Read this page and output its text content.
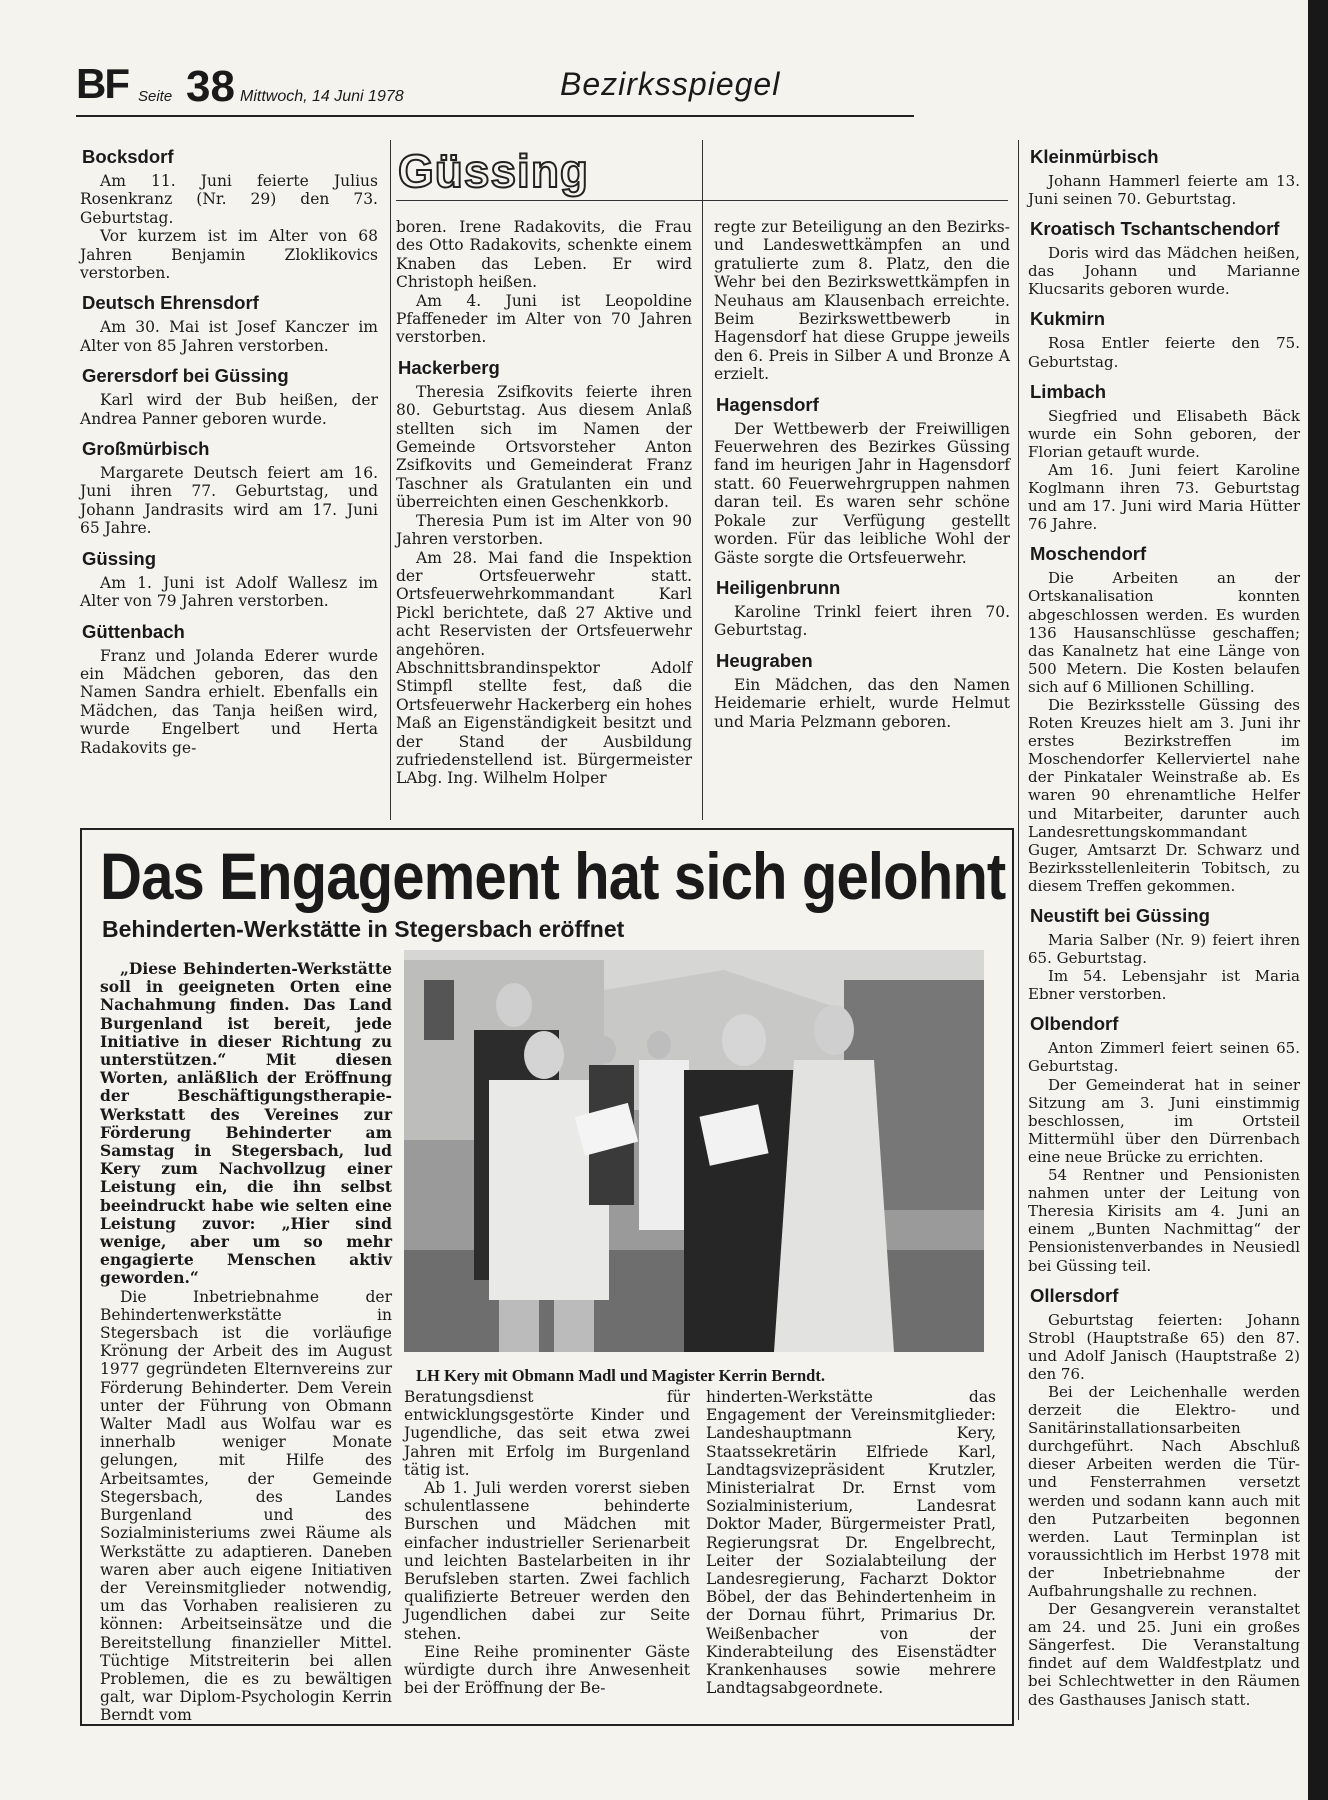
BF Seite 38 Mittwoch, 14 Juni 1978	Bezirksspiegel
Güssing
Bocksdorf

Am 11. Juni feierte Julius Rosenkranz (Nr. 29) den 73. Geburtstag.

Vor kurzem ist im Alter von 68 Jahren Benjamin Zloklikovics verstorben.

Deutsch Ehrensdorf

Am 30. Mai ist Josef Kanczer im Alter von 85 Jahren verstorben.

Gerersdorf bei Güssing

Karl wird der Bub heißen, der Andrea Panner geboren wurde.

Großmürbisch

Margarete Deutsch feiert am 16. Juni ihren 77. Geburtstag, und Johann Jandrasits wird am 17. Juni 65 Jahre.

Güssing

Am 1. Juni ist Adolf Wallesz im Alter von 79 Jahren verstorben.

Güttenbach

Franz und Jolanda Ederer wurde ein Mädchen geboren, das den Namen Sandra erhielt. Ebenfalls ein Mädchen, das Tanja heißen wird, wurde Engelbert und Herta Radakovits ge-

boren. Irene Radakovits, die Frau des Otto Radakovits, schenkte einem Knaben das Leben. Er wird Christoph heißen.

Am 4. Juni ist Leopoldine Pfaffeneder im Alter von 70 Jahren verstorben.

Hackerberg

Theresia Zsifkovits feierte ihren 80. Geburtstag. Aus diesem Anlaß stellten sich im Namen der Gemeinde Ortsvorsteher Anton Zsifkovits und Gemeinderat Franz Taschner als Gratulanten ein und überreichten einen Geschenkkorb.

Theresia Pum ist im Alter von 90 Jahren verstorben.

Am 28. Mai fand die Inspektion der Ortsfeuerwehr statt. Ortsfeuerwehrkommandant Karl Pickl berichtete, daß 27 Aktive und acht Reservisten der Ortsfeuerwehr angehören. Abschnittsbrandinspektor Adolf Stimpfl stellte fest, daß die Ortsfeuerwehr Hackerberg ein hohes Maß an Eigenständigkeit besitzt und der Stand der Ausbildung zufriedenstellend ist. Bürgermeister LAbg. Ing. Wilhelm Holper

regte zur Beteiligung an den Bezirks- und Landeswettkämpfen an und gratulierte zum 8. Platz, den die Wehr bei den Bezirkswettkämpfen in Neuhaus am Klausenbach erreichte. Beim Bezirkswettbewerb in Hagensdorf hat diese Gruppe jeweils den 6. Preis in Silber A und Bronze A erzielt.

Hagensdorf

Der Wettbewerb der Freiwilligen Feuerwehren des Bezirkes Güssing fand im heurigen Jahr in Hagensdorf statt. 60 Feuerwehrgruppen nahmen daran teil. Es waren sehr schöne Pokale zur Verfügung gestellt worden. Für das leibliche Wohl der Gäste sorgte die Ortsfeuerwehr.

Heiligenbrunn

Karoline Trinkl feiert ihren 70. Geburtstag.

Heugraben

Ein Mädchen, das den Namen Heidemarie erhielt, wurde Helmut und Maria Pelzmann geboren.

Kleinmürbisch

Johann Hammerl feierte am 13. Juni seinen 70. Geburtstag.

Kroatisch Tschantschendorf

Doris wird das Mädchen heißen, das Johann und Marianne Klucsarits geboren wurde.

Kukmirn

Rosa Entler feierte den 75. Geburtstag.

Limbach

Siegfried und Elisabeth Bäck wurde ein Sohn geboren, der Florian getauft wurde.

Am 16. Juni feiert Karoline Koglmann ihren 73. Geburtstag und am 17. Juni wird Maria Hütter 76 Jahre.

Moschendorf

Die Arbeiten an der Ortskanalisation konnten abgeschlossen werden. Es wurden 136 Hausanschlüsse geschaffen; das Kanalnetz hat eine Länge von 500 Metern. Die Kosten belaufen sich auf 6 Millionen Schilling.

Die Bezirksstelle Güssing des Roten Kreuzes hielt am 3. Juni ihr erstes Bezirkstreffen im Moschendorfer Kellerviertel nahe der Pinkataler Weinstraße ab. Es waren 90 ehrenamtliche Helfer und Mitarbeiter, darunter auch Landesrettungskommandant Guger, Amtsarzt Dr. Schwarz und Bezirksstellenleiterin Tobitsch, zu diesem Treffen gekommen.

Neustift bei Güssing

Maria Salber (Nr. 9) feiert ihren 65. Geburtstag.

Im 54. Lebensjahr ist Maria Ebner verstorben.

Olbendorf

Anton Zimmerl feiert seinen 65. Geburtstag.

Der Gemeinderat hat in seiner Sitzung am 3. Juni einstimmig beschlossen, im Ortsteil Mittermühl über den Dürrenbach eine neue Brücke zu errichten.

54 Rentner und Pensionisten nahmen unter der Leitung von Theresia Kirisits am 4. Juni an einem „Bunten Nachmittag“ der Pensionistenverbandes in Neusiedl bei Güssing teil.

Ollersdorf

Geburtstag feierten: Johann Strobl (Hauptstraße 65) den 87. und Adolf Janisch (Hauptstraße 2) den 76.

Bei der Leichenhalle werden derzeit die Elektro- und Sanitärinstallationsarbeiten durchgeführt. Nach Abschluß dieser Arbeiten werden die Tür- und Fensterrahmen versetzt werden und sodann kann auch mit den Putzarbeiten begonnen werden. Laut Terminplan ist voraussichtlich im Herbst 1978 mit der Inbetriebnahme der Aufbahrungshalle zu rechnen.

Der Gesangverein veranstaltet am 24. und 25. Juni ein großes Sängerfest. Die Veranstaltung findet auf dem Waldfestplatz und bei Schlechtwetter in den Räumen des Gasthauses Janisch statt.

Das Engagement hat sich gelohnt
Behinderten-Werkstätte in Stegersbach eröffnet

„Diese Behinderten-Werkstätte soll in geeigneten Orten eine Nachahmung finden. Das Land Burgenland ist bereit, jede Initiative in dieser Richtung zu unterstützen.“ Mit diesen Worten, anläßlich der Eröffnung der Beschäftigungstherapie-Werkstatt des Vereines zur Förderung Behinderter am Samstag in Stegersbach, lud Kery zum Nachvollzug einer Leistung ein, die ihn selbst beeindruckt habe wie selten eine Leistung zuvor: „Hier sind wenige, aber um so mehr engagierte Menschen aktiv geworden.“

Die Inbetriebnahme der Behindertenwerkstätte in Stegersbach ist die vorläufige Krönung der Arbeit des im August 1977 gegründeten Elternvereins zur Förderung Behinderter. Dem Verein unter der Führung von Obmann Walter Madl aus Wolfau war es innerhalb weniger Monate gelungen, mit Hilfe des Arbeitsamtes, der Gemeinde Stegersbach, des Landes Burgenland und des Sozialministeriums zwei Räume als Werkstätte zu adaptieren. Daneben waren aber auch eigene Initiativen der Vereinsmitglieder notwendig, um das Vorhaben realisieren zu können: Arbeitseinsätze und die Bereitstellung finanzieller Mittel. Tüchtige Mitstreiterin bei allen Problemen, die es zu bewältigen galt, war Diplom-Psychologin Kerrin Berndt vom

LH Kery mit Obmann Madl und Magister Kerrin Berndt.

Beratungsdienst für entwicklungsgestörte Kinder und Jugendliche, das seit etwa zwei Jahren mit Erfolg im Burgenland tätig ist.

Ab 1. Juli werden vorerst sieben schulentlassene behinderte Burschen und Mädchen mit einfacher industrieller Serienarbeit und leichten Bastelarbeiten in ihr Berufsleben starten. Zwei fachlich qualifizierte Betreuer werden den Jugendlichen dabei zur Seite stehen.

Eine Reihe prominenter Gäste würdigte durch ihre Anwesenheit bei der Eröffnung der Be-

hinderten-Werkstätte das Engagement der Vereinsmitglieder: Landeshauptmann Kery, Staatssekretärin Elfriede Karl, Landtagsvizepräsident Krutzler, Ministerialrat Dr. Ernst vom Sozialministerium, Landesrat Doktor Mader, Bürgermeister Pratl, Regierungsrat Dr. Engelbrecht, Leiter der Sozialabteilung der Landesregierung, Facharzt Doktor Böbel, der das Behindertenheim in der Dornau führt, Primarius Dr. Weißenbacher von der Kinderabteilung des Eisenstädter Krankenhauses sowie mehrere Landtagsabgeordnete.
